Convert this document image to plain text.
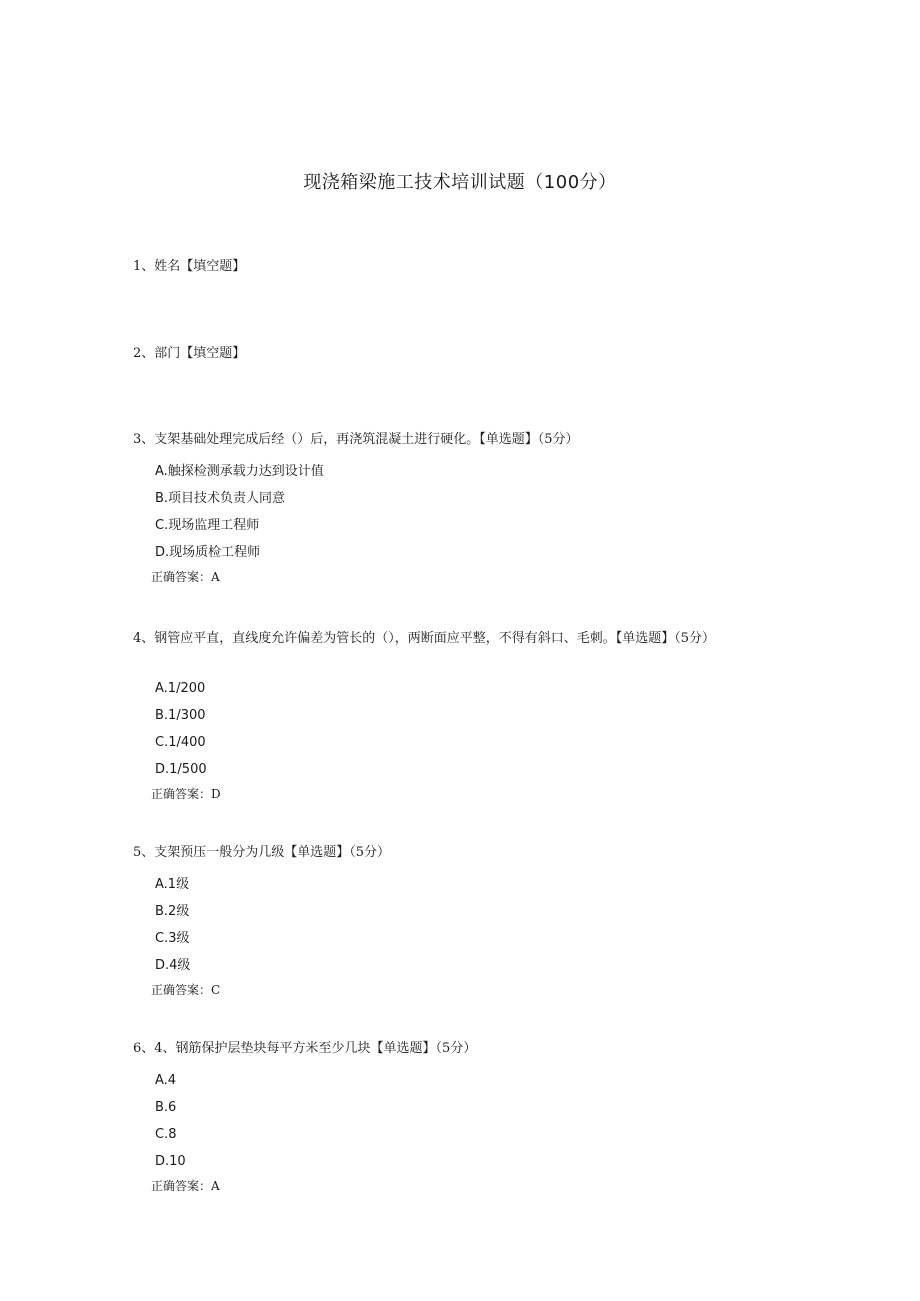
现浇箱梁施工技术培训试题（100分）
1、姓名【填空题】
2、部门【填空题】
3、支架基础处理完成后经（）后，再浇筑混凝土进行硬化。【单选题】（5分）
A.触探检测承载力达到设计值
B.项目技术负责人同意
C.现场监理工程师
D.现场质检工程师
正确答案：A
4、钢管应平直，直线度允许偏差为管长的（），两断面应平整，不得有斜口、毛刺。【单选题】（5分）
A.1/200
B.1/300
C.1/400
D.1/500
正确答案：D
5、支架预压一般分为几级【单选题】（5分）
A.1级
B.2级
C.3级
D.4级
正确答案：C
6、4、钢筋保护层垫块每平方米至少几块【单选题】（5分）
A.4
B.6
C.8
D.10
正确答案：A
